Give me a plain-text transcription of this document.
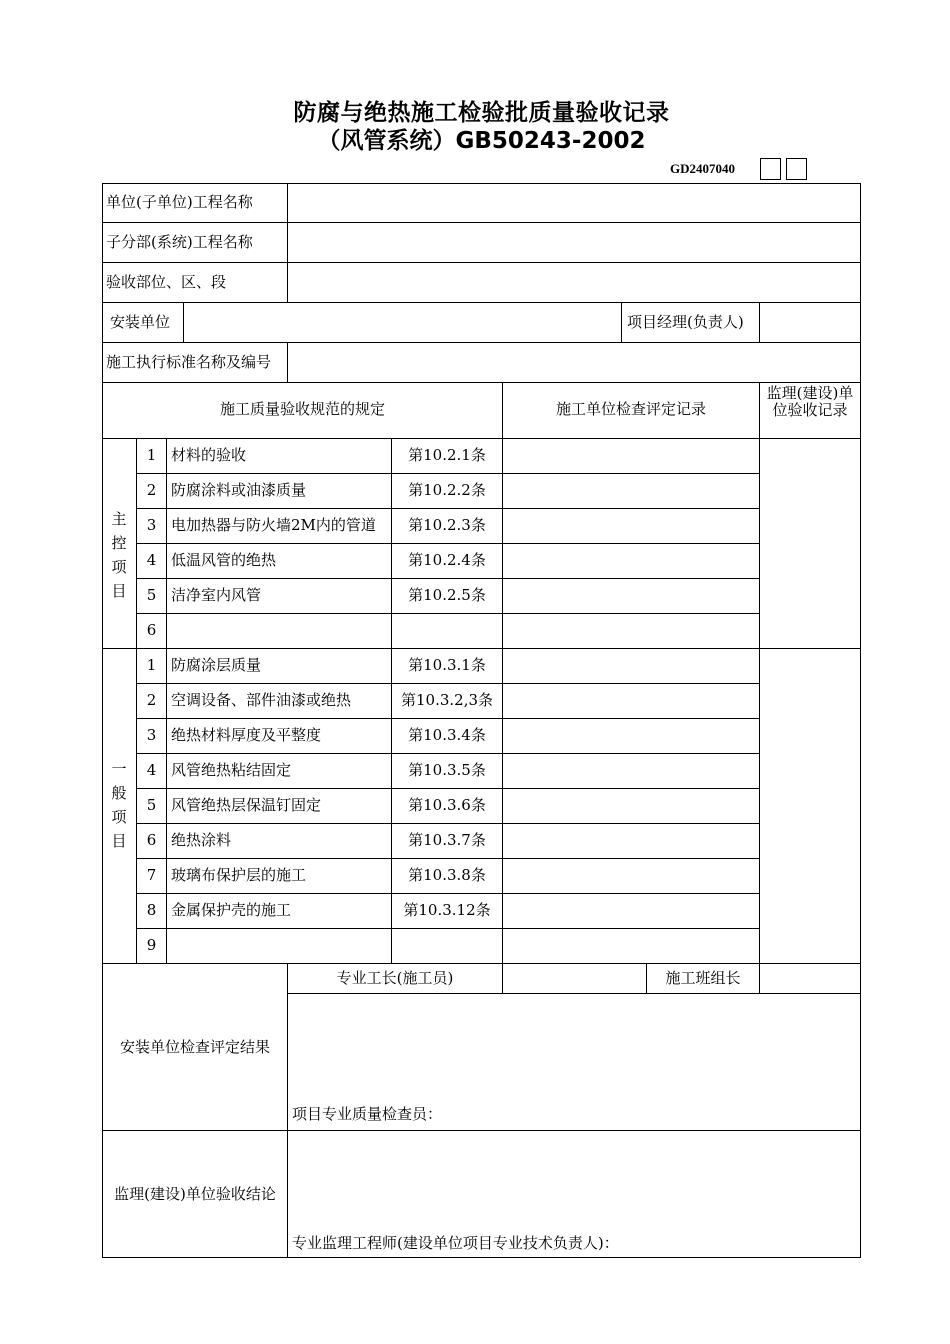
防腐与绝热施工检验批质量验收记录
（风管系统）GB50243-2002
GD2407040
单位(子单位)工程名称
子分部(系统)工程名称
验收部位、区、段
安装单位	项目经理(负责人)
施工执行标准名称及编号
施工质量验收规范的规定	施工单位检查评定记录
监理(建设)单位验收记录
主
控
项
目
一
般
项
目
1 材料的验收	第10.2.1条
2 防腐涂料或油漆质量	第10.2.2条
3 电加热器与防火墙2M内的管道	第10.2.3条
4 低温风管的绝热	第10.2.4条
5 洁净室内风管	第10.2.5条
6
1 防腐涂层质量	第10.3.1条
2 空调设备、部件油漆或绝热	第10.3.2,3条
3 绝热材料厚度及平整度	第10.3.4条
4 风管绝热粘结固定	第10.3.5条
5 风管绝热层保温钉固定	第10.3.6条
6 绝热涂料	第10.3.7条
7 玻璃布保护层的施工	第10.3.8条
8 金属保护壳的施工	第10.3.12条
9
专业工长(施工员)	施工班组长
安装单位检查评定结果
项目专业质量检查员：
监理(建设)单位验收结论
专业监理工程师(建设单位项目专业技术负责人)：
